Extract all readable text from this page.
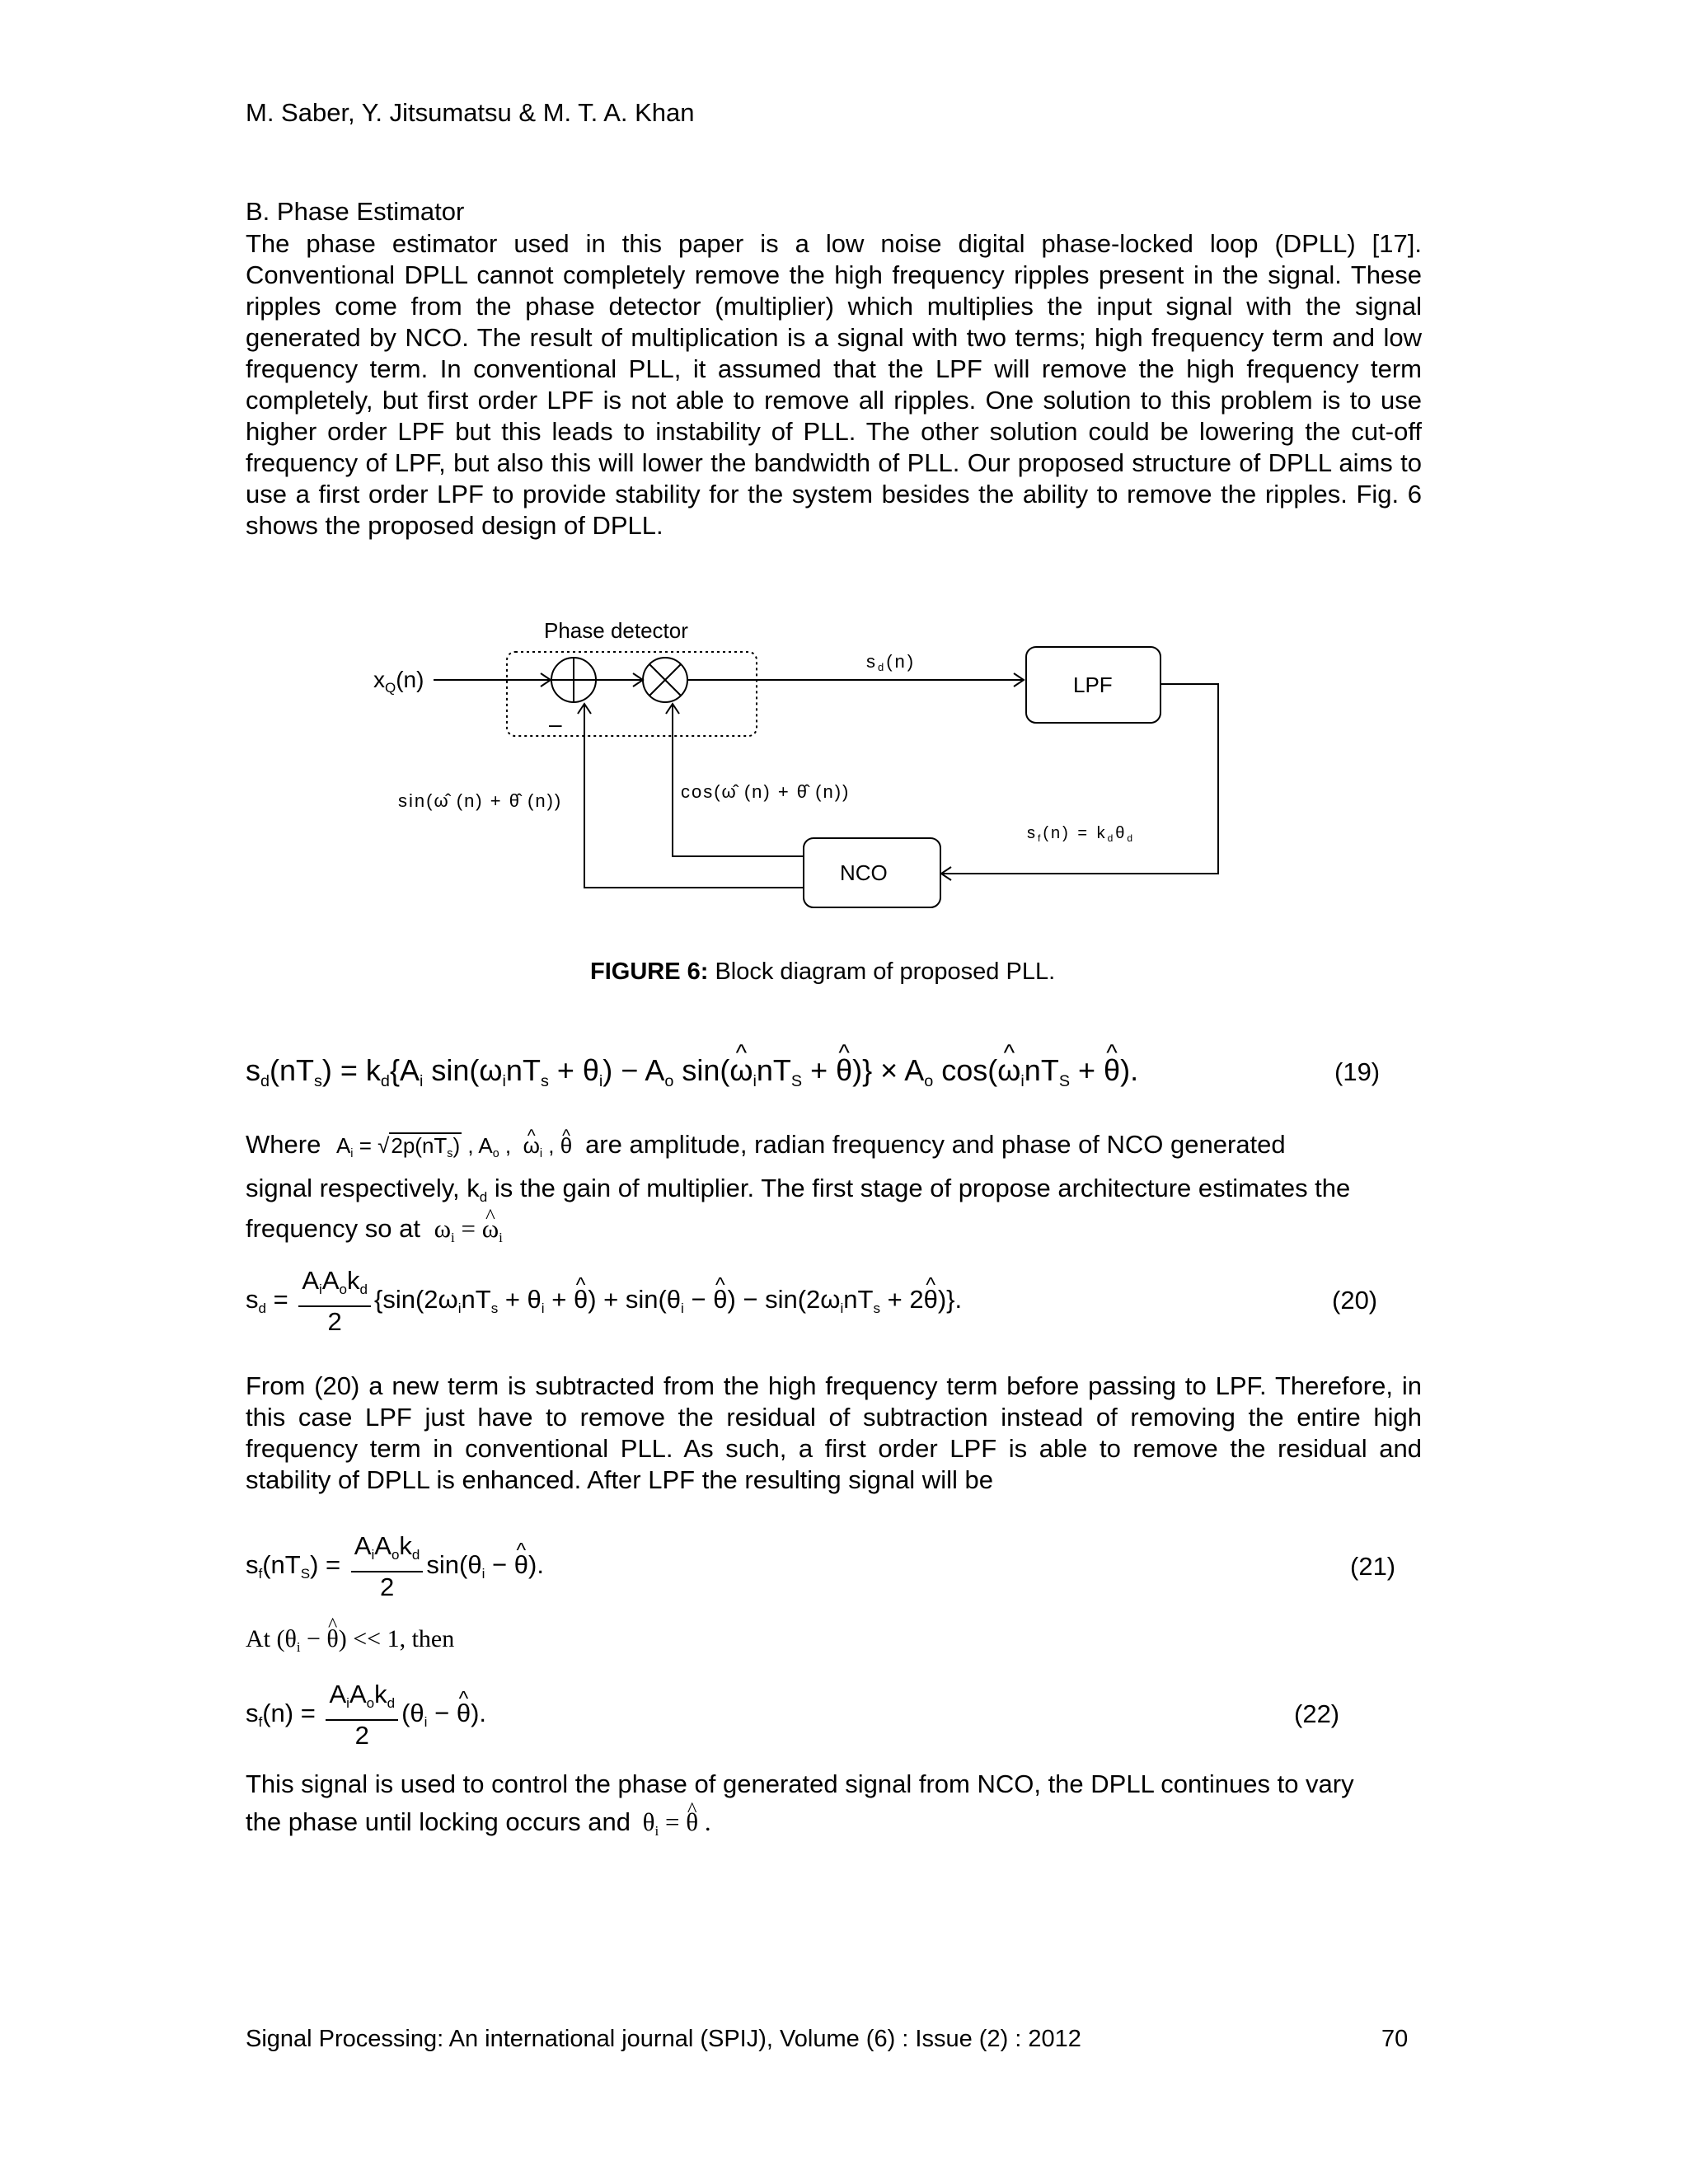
M. Saber, Y. Jitsumatsu & M. T. A. Khan
B. Phase Estimator

The phase estimator used in this paper is a low noise digital phase-locked loop (DPLL) [17]. Conventional DPLL cannot completely remove the high frequency ripples present in the signal. These ripples come from the phase detector (multiplier) which multiplies the input signal with the signal generated by NCO. The result of multiplication is a signal with two terms; high frequency term and low frequency term. In conventional PLL, it assumed that the LPF will remove the high frequency term completely, but first order LPF is not able to remove all ripples. One solution to this problem is to use higher order LPF but this leads to instability of PLL. The other solution could be lowering the cut-off frequency of LPF, but also this will lower the bandwidth of PLL. Our proposed structure of DPLL aims to use a first order LPF to provide stability for the system besides the ability to remove the ripples. Fig. 6 shows the proposed design of DPLL.

Phase detector
$x_Q(n)$
–
sd(n)
LPF
$s_f(n) = k_d\theta_d$
NCO
cos(ω̂ (n) + θ̂ (n))
sin(ω̂ (n) + θ̂ (n))
FIGURE 6: Block diagram of proposed PLL.
$s_d(nT_s) = k_d\{A_i$ $\sin(\omega_inT_s + \theta_i) - A_o$ sin(^ $\omega_inT_S$ + ^ $\theta)\} \times A_o$ cos(^ $\omega_inT_S$ + ^ θ).	(19)
Where $A_i = √2p(nT_s)$ , $A_o$ ,  ^ $\omega_i$ , ^ θ are amplitude, radian frequency and phase of NCO generated
signal respectively, $k_d$ is the gain of multiplier. The first stage of propose architecture estimates the
frequency so at $\omega_i$ = ^ $\omega_i$
$s_d = \frac{A_iA_ok_d}{2} \{\sin(2\omega_inT_s + \theta_i$ + ^ $\theta) + \sin(\theta_i$ − ^ $\theta) - \sin(2\omega_inT_s$ + 2^ θ)}.	(20)

From (20) a new term is subtracted from the high frequency term before passing to LPF. Therefore, in this case LPF just have to remove the residual of subtraction instead of removing the entire high frequency term in conventional PLL. As such, a first order LPF is able to remove the residual and stability of DPLL is enhanced. After LPF the resulting signal will be

$s_f(nT_S) = \frac{A_iA_ok_d}{2} \sin(\theta_i$ − ^ θ).	(21)
At ($\theta_i$ − ^ θ) << 1, then
$s_f(n) = \frac{A_iA_ok_d}{2} (\theta_i$ − ^ θ).	(22)
This signal is used to control the phase of generated signal from NCO, the DPLL continues to vary
the phase until locking occurs and $\theta_i$ = ^ θ .
Signal Processing: An international journal (SPIJ), Volume (6) : Issue (2) : 2012	70
